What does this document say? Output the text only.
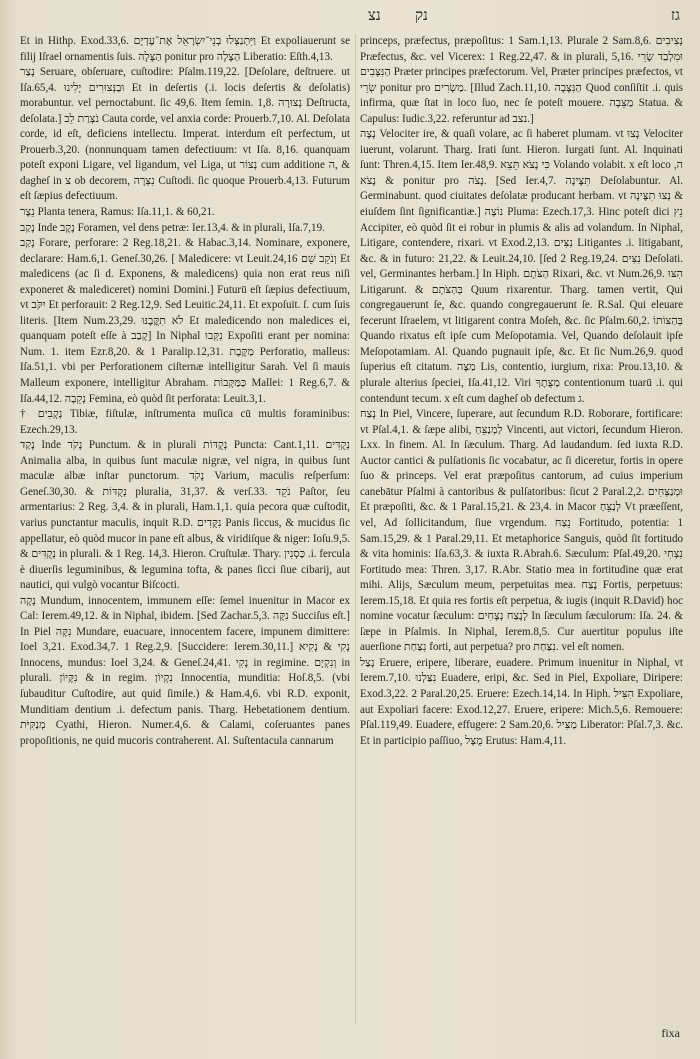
נק
נצ	גז

Et in Hithp. Exod.33,6. וַיִּתְנַצְּלוּ בְנֵי־יִשְׂרָאֵל אֶת־עֶדְיָם Et expoliauerunt se filij Iſrael ornamentis ſuis. הַצָּלָה ponitur pro הַצָּלָה Liberatio: Eſth.4,13.

נָצַר Seruare, obſeruare, cuſtodire: Pſalm.119,22. [Deſolare, deſtruere. ut Iſa.65,4. וּבַנְּצוּרִים יָלִינוּ Et in deſertis (.i. locis deſertis & deſolatis) morabuntur. vel pernoctabunt. ſic 49,6. Item ſemin. 1,8. נְצוּרָה Deſtructa, deſolata.] נֹצְרַת לֵב Cauta corde, vel anxia corde: Prouerb.7,10. Al. Deſolata corde, id eſt, deficiens intellectu. Imperat. interdum eſt perfectum, ut Prouerb.3,20. (nonnunquam tamen defectiuum: vt Iſa. 8,16. quanquam poteſt exponi Ligare, vel ligandum, vel Liga, ut נְצוֹר cum additione ה, & dagheſ in צ ob decorem, נִצְּרָה Cuſtodi. ſic quoque Prouerb.4,13. Futurum eſt ſæpius defectiuum.

נֵצֶר Planta tenera, Ramus: Iſa.11,1. & 60,21.

נָקַב Inde נֶקֶב Foramen, vel dens petræ: Ier.13,4. & in plurali, Iſa.7,19.

נָקַב Forare, perforare: 2 Reg.18,21. & Habac.3,14. Nominare, exponere, declarare: Ham.6,1. Geneſ.30,26. [ Maledicere: vt Leuit.24,16 וְנֹקֵב שֵׁם Et maledicens (ac ſi d. Exponens, & maledicens) quia non erat reus niſi exponeret & malediceret) nomini Domini.] Futurū eſt ſæpius defectiuum, vt יִקֹּב Et perforauit: 2 Reg.12,9. Sed Leuitic.24,11. Et expoſuit. ſ. cum ſuis literis. [Item Num.23,29. לֹא תִקֳּבֶנּוּ Et maledicendo non maledices ei, quanquam poteſt eſſe à קָבַב] In Niphal נִקְּבוּ Expoſiti erant per nomina: Num. 1. item Ezr.8,20. & 1 Paralip.12,31. מַקֶּבֶת Perforatio, malleus: Iſa.51,1. vbi per Perforationem ciſternæ intelligitur Sarah. Vel ſi mauis Malleum exponere, intelligitur Abraham. כַּמַּקָּבוֹת Mallei: 1 Reg.6,7. & Iſa.44,12. נְקֵבָה Femina, eò quòd ſit perforata: Leuit.3,1.

† נְקָבִים Tibiæ, fiſtulæ, inſtrumenta muſica cū multis foraminibus: Ezech.29,13.

נָקַד Inde נָקֹד Punctum. & in plurali נְקֻדּוֹת Puncta: Cant.1,11. נְקֻדִּים Animalia alba, in quibus ſunt maculæ nigræ, vel nigra, in quibus ſunt maculæ albæ inſtar punctorum. נָקֹד Varium, maculis reſperſum: Geneſ.30,30. & נְקֻדּוֹת pluralia, 31,37. & verſ.33. נֹקֵד Paſtor, ſeu armentarius: 2 Reg. 3,4. & in plurali, Ham.1,1. quia pecora quæ cuſtodit, varius punctantur maculis, inquit R.D. נִקֻּדִים Panis ſiccus, & mucidus ſic appellatur, eò quòd mucor in pane eſt albus, & viridiſque & niger: Ioſu.9,5. & נְקֻדִּים in plurali. & 1 Reg. 14,3. Hieron. Cruſtulæ. Thary. כַּסְנִין .i. fercula è diuerſis leguminibus, & legumina tofta, & panes ſicci ſiue cibarij, aut nautici, qui vulgò vocantur Biſcocti.

נָקָה Mundum, innocentem, immunem eſſe: ſemel inuenitur in Macor ex Cal: Ierem.49,12. & in Niphal, ibidem. [Sed Zachar.5,3. נִקָּה Succiſus eſt.] In Piel נִקָּה Mundare, euacuare, innocentem facere, impunem dimittere: Ioel 3,21. Exod.34,7. 1 Reg.2,9. [Succidere: Ierem.30,11.] נָקִי & נָקִיא Innocens, mundus: Ioel 3,24. & Geneſ.24,41. נָקִי in regimine. וְנִקְיָם in plurali. נִקָּיוֹן & in regim. נִקְיוֹן Innocentia, munditia: Hoſ.8,5. (vbi ſubauditur Cuſtodire, aut quid ſimile.) & Ham.4,6. vbi R.D. exponit, Munditiam dentium .i. defectum panis. Tharg. Hebetationem dentium. מְנַקִּיֹּת Cyathi, Hieron. Numer.4,6. & Calami, coſeruantes panes propoſitionis, ne quid mucoris contraherent. Al. Suſtentacula cannarum

princeps, præfectus, præpoſitus: 1 Sam.1,13. Plurale 2 Sam.8,6. נְצִיבִים Præfectus, &c. vel Vicerex: 1 Reg.22,47. & in plurali, 5,16. וּמִלְבַד שָׂרֵי הַנִּצָּבִים Præter principes præfectorum. Vel, Præter principes præfectos, vt שְׂרֵי ponitur pro מַשְׂרִים. [Illud Zach.11,10. הַנִּצָּבָה Quod conſiſtit .i. quis infirma, quæ ſtat in loco ſuo, nec ſe poteſt mouere. מַצֵּבָה Statua. & Capulus: Iudic.3,22. referuntur ad נצב.]

נָצָה Velociter ire, & quaſi volare, ac ſi haberet plumam. vt נָצוּ Velociter iuerunt, volarunt. Tharg. Irati ſunt. Hieron. Iurgati ſunt. Al. Inquinati ſunt: Thren.4,15. Item Ier.48,9. כִּי נָצֹא תֵּצֵא Volando volabit. x eſt loco ה, & נָצֹא ponitur pro נָצֹה. [Sed Ier.4,7. תִּצֶּינָה Deſolabuntur. Al. Germinabunt. quod ciuitates deſolatæ producant herbam. vt נְצוּ תִצֶּינָה & eiuſdem ſint ſignificantiæ.] נוֹצָה Pluma: Ezech.17,3. Hinc poteſt dici נֵץ Accipiter, eò quòd ſit ei robur in plumis & alis ad volandum. In Niphal, Litigare, contendere, rixari. vt Exod.2,13. נִצִּים Litigantes .i. litigabant, &c. & in futuro: 21,22. & Leuit.24,10. [ſed 2 Reg.19,24. נִצִּים Deſolati. vel, Germinantes herbam.] In Hiph. הַצֹּתָם Rixari, &c. vt Num.26,9. הִצּוּ Litigarunt. & בְּהַצֹּתָם Quum rixarentur. Tharg. tamen vertit, Qui congregauerunt ſe, &c. quando congregauerunt ſe. R.Sal. Qui eleuare fecerunt Iſraelem, vt litigarent contra Moſeh, &c. ſic Pſalm.60,2. בְּהַצּוֹתוֹ Quando rixatus eſt ipſe cum Meſopotamia. Vel, Quando deſolauit ipſe Meſopotamiam. Al. Quando pugnauit ipſe, &c. Et ſic Num.26,9. quod ſuperius eſt citatum. מַצָּה Lis, contentio, iurgium, rixa: Prou.13,10. & plurale alterius ſpeciei, Iſa.41,12. Viri מַצֻּתֶךָ contentionum tuarū .i. qui contendunt tecum. x eſt cum dagheſ ob defectum ג.

נָצַח In Piel, Vincere, ſuperare, aut ſecundum R.D. Roborare, fortificare: vt Pſal.4,1. & ſæpe alibi, לַמְנַצֵּחַ Vincenti, aut victori, ſecundum Hieron. Lxx. In finem. Al. In ſæculum. Tharg. Ad laudandum. ſed iuxta R.D. Auctor cantici & pulſationis ſic vocabatur, ac ſi diceretur, fortis in opere ſuo & princeps. Vel erat præpoſitus cantorum, ad cuius imperium canebātur Pſalmi à cantoribus & pulſatoribus: ſicut 2 Paral.2,2. וּמְנַצְּחִים Et præpoſiti, &c. & 1 Paral.15,21. & 23,4. in Macor לְנַצֵּחַ Vt præeſſent, vel, Ad ſollicitandum, ſiue vrgendum. נֵצַח Fortitudo, potentia: 1 Sam.15,29. & 1 Paral.29,11. Et metaphorice Sanguis, quòd ſit fortitudo & vita hominis: Iſa.63,3. & iuxta R.Abrah.6. Sæculum: Pſal.49,20. נִצְחִי Fortitudo mea: Thren. 3,17. R.Abr. Statio mea in fortitudine quæ erat mihi. Alijs, Sæculum meum, perpetuitas mea. נֶצַח Fortis, perpetuus: Ierem.15,18. Et quia res fortis eſt perpetua, & iugis (inquit R.David) hoc nomine vocatur ſæculum: לָנֶצַח נְצָחִים In ſæculum ſæculorum: Iſa. 24. & ſæpe in Pſalmis. In Niphal, Ierem.8,5. Cur auertitur populus iſte auerſione נִצַּחַת forti, aut perpetua? pro נִצַּחַת. vel eſt nomen.

נָצַל Eruere, eripere, liberare, euadere. Primum inuenitur in Niphal, vt Ierem.7,10. נִצַּלְנוּ Euadere, eripi, &c. Sed in Piel, Expoliare, Diripere: Exod.3,22. 2 Paral.20,25. Eruere: Ezech.14,14. In Hiph. הִצִּיל Expoliare, aut Expoliari facere: Exod.12,27. Eruere, eripere: Mich.5,6. Remouere: Pſal.119,49. Euadere, effugere: 2 Sam.20,6. מַצִּיל Liberator: Pſal.7,3. &c. Et in participio paſſiuo, מֻצָּל Erutus: Ham.4,11.

fixa
